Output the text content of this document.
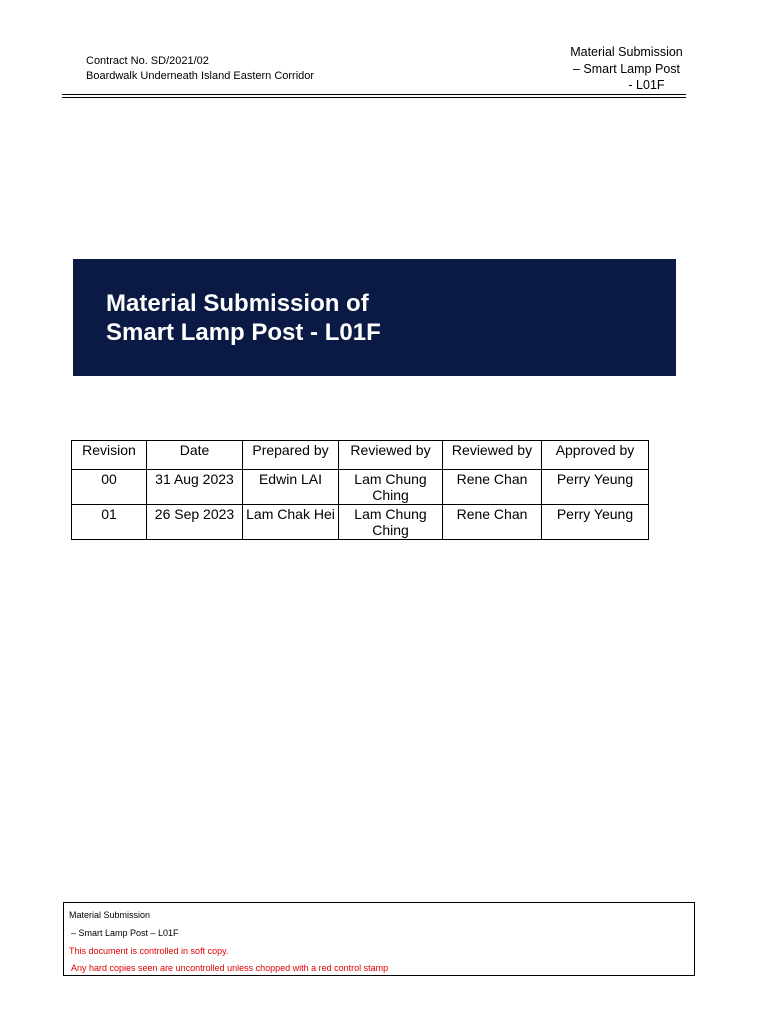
Contract No. SD/2021/02
Boardwalk Underneath Island Eastern Corridor
Material Submission
– Smart Lamp Post
- L01F
Material Submission of
Smart Lamp Post - L01F
Revision	Date	Prepared by	Reviewed by	Reviewed by	Approved by
00	31 Aug 2023	Edwin LAI	Lam Chung Ching	Rene Chan	Perry Yeung
01	26 Sep 2023	Lam Chak Hei	Lam Chung Ching	Rene Chan	Perry Yeung
Material Submission
– Smart Lamp Post – L01F
This document is controlled in soft copy.
Any hard copies seen are uncontrolled unless chopped with a red control stamp
